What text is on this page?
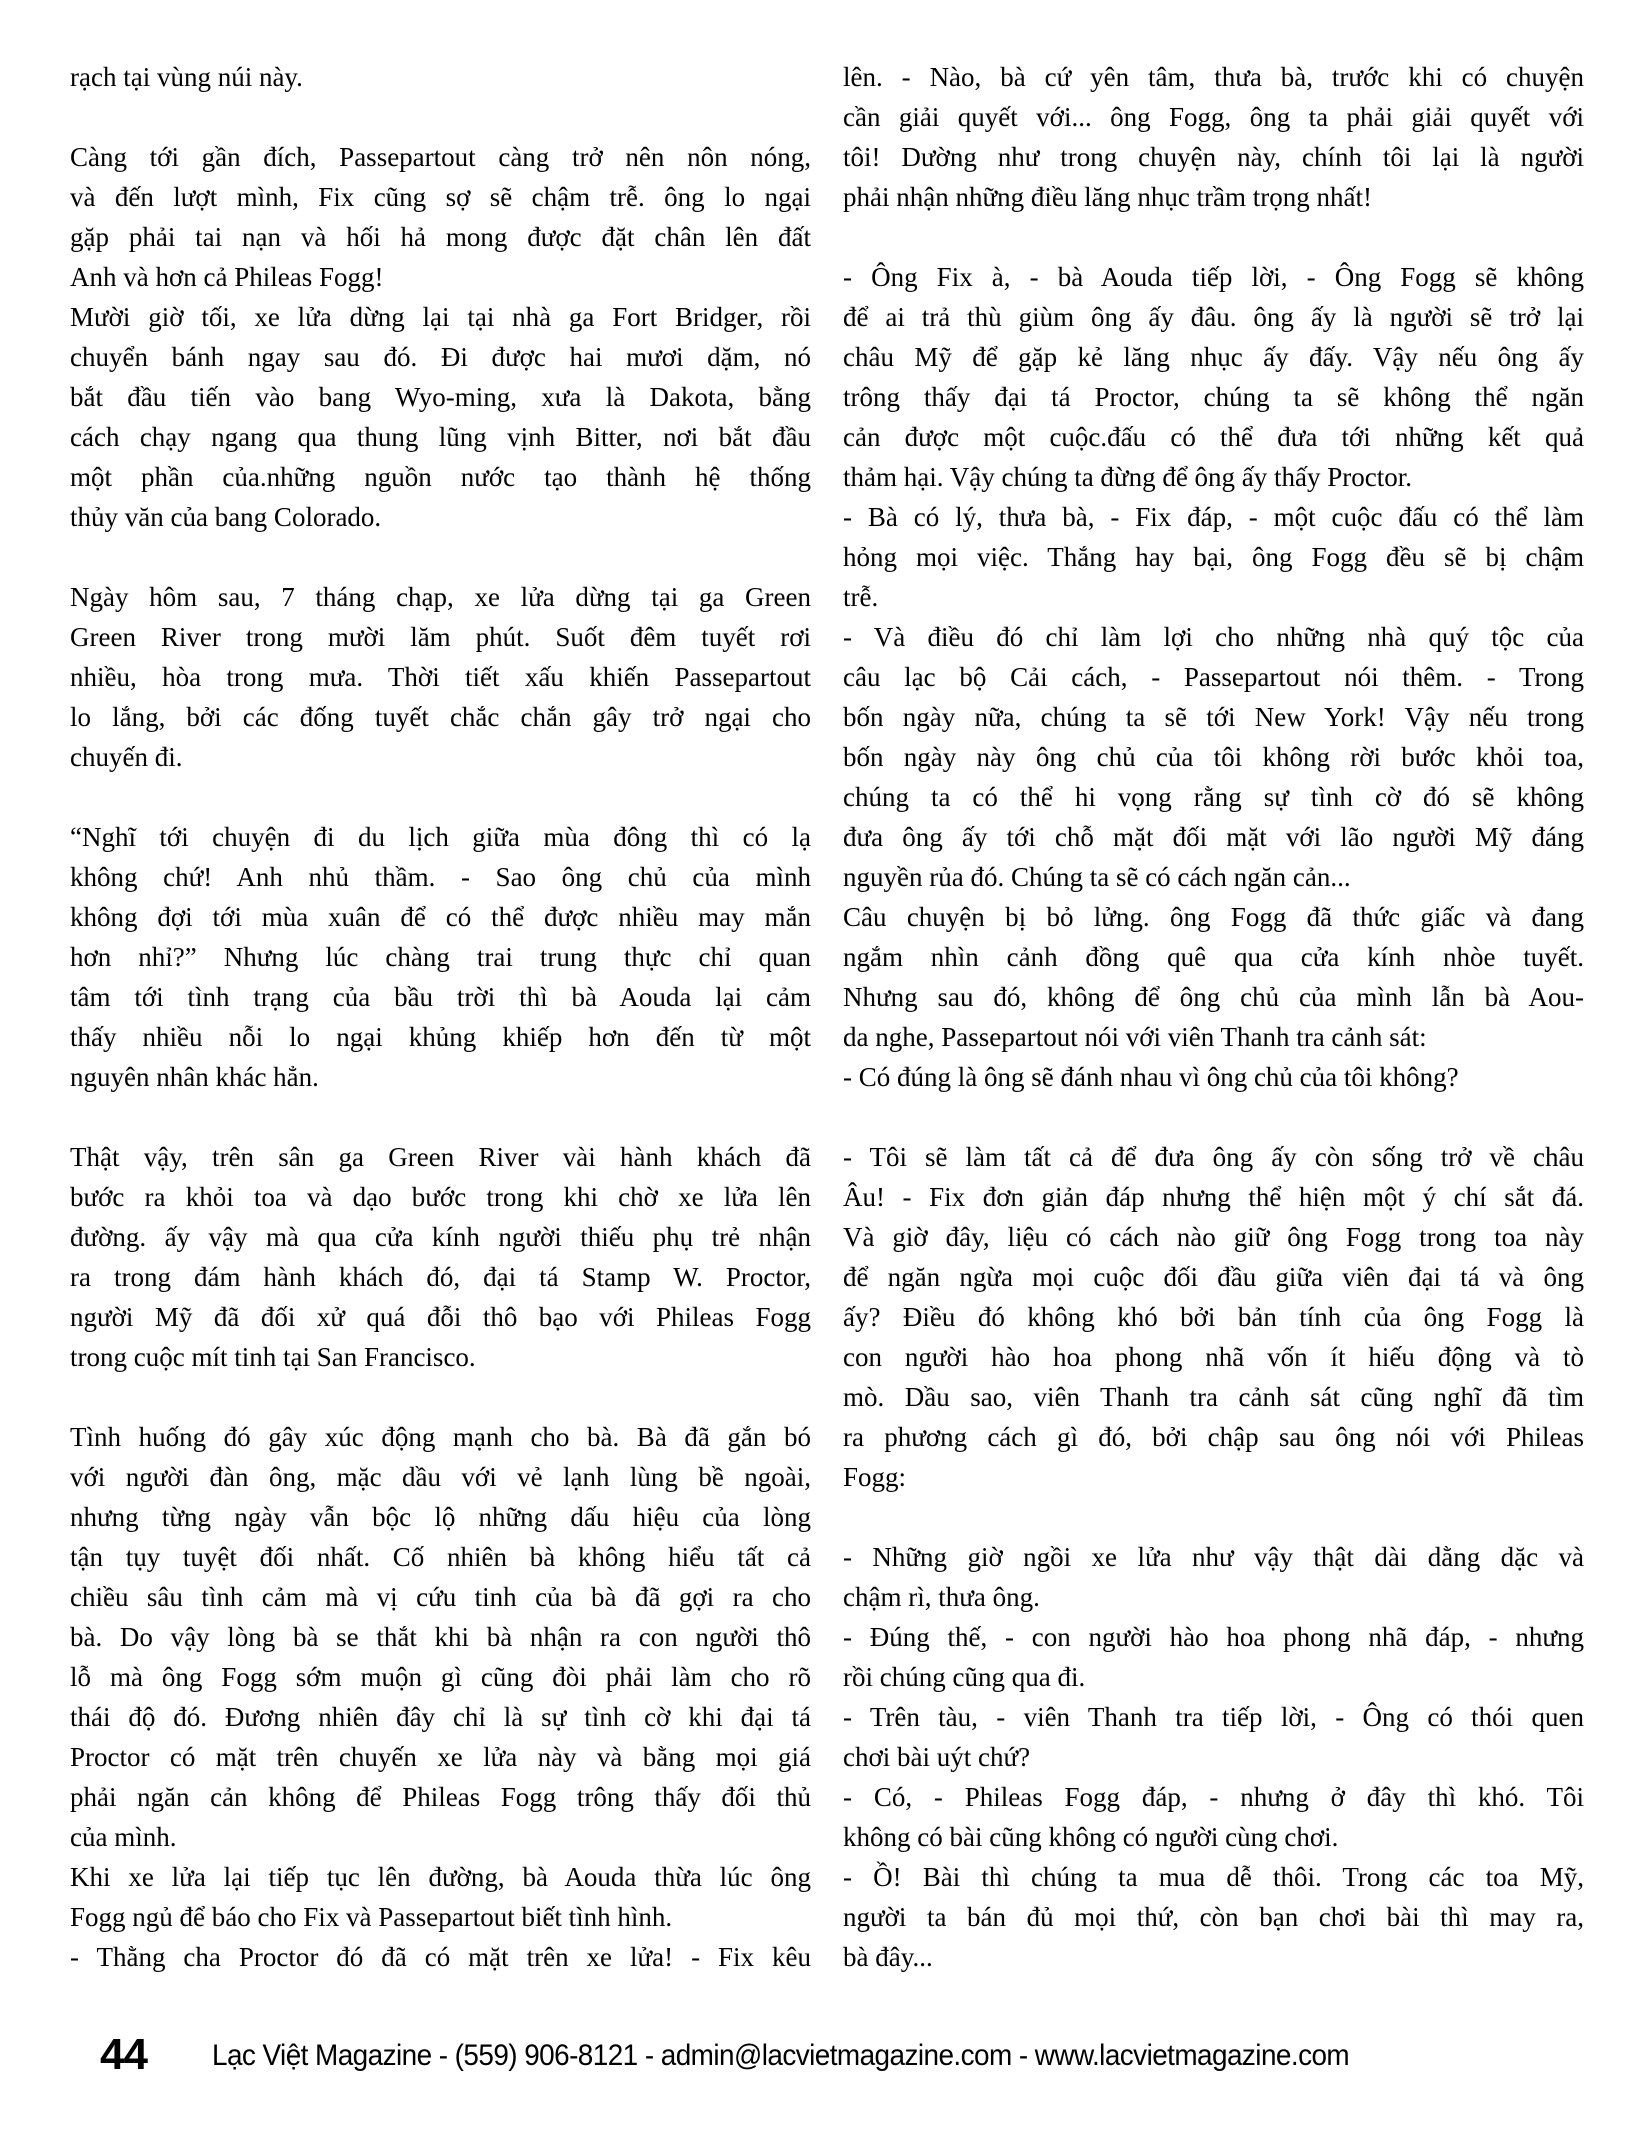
rạch tại vùng núi này.
Càng tới gần đích, Passepartout càng trở nên nôn nóng,
và đến lượt mình, Fix cũng sợ sẽ chậm trễ. ông lo ngại
gặp phải tai nạn và hối hả mong được đặt chân lên đất
Anh và hơn cả Phileas Fogg!
Mười giờ tối, xe lửa dừng lại tại nhà ga Fort Bridger, rồi
chuyển bánh ngay sau đó. Đi được hai mươi dặm, nó
bắt đầu tiến vào bang Wyo-ming, xưa là Dakota, bằng
cách chạy ngang qua thung lũng vịnh Bitter, nơi bắt đầu
một phần của.những nguồn nước tạo thành hệ thống
thủy văn của bang Colorado.
Ngày hôm sau, 7 tháng chạp, xe lửa dừng tại ga Green
Green River trong mười lăm phút. Suốt đêm tuyết rơi
nhiều, hòa trong mưa. Thời tiết xấu khiến Passepartout
lo lắng, bởi các đống tuyết chắc chắn gây trở ngại cho
chuyến đi.
“Nghĩ tới chuyện đi du lịch giữa mùa đông thì có lạ
không chứ! Anh nhủ thầm. - Sao ông chủ của mình
không đợi tới mùa xuân để có thể được nhiều may mắn
hơn nhỉ?” Nhưng lúc chàng trai trung thực chỉ quan
tâm tới tình trạng của bầu trời thì bà Aouda lại cảm
thấy nhiều nỗi lo ngại khủng khiếp hơn đến từ một
nguyên nhân khác hẳn.
Thật vậy, trên sân ga Green River vài hành khách đã
bước ra khỏi toa và dạo bước trong khi chờ xe lửa lên
đường. ấy vậy mà qua cửa kính người thiếu phụ trẻ nhận
ra trong đám hành khách đó, đại tá Stamp W. Proctor,
người Mỹ đã đối xử quá đỗi thô bạo với Phileas Fogg
trong cuộc mít tinh tại San Francisco.
Tình huống đó gây xúc động mạnh cho bà. Bà đã gắn bó
với người đàn ông, mặc dầu với vẻ lạnh lùng bề ngoài,
nhưng từng ngày vẫn bộc lộ những dấu hiệu của lòng
tận tụy tuyệt đối nhất. Cố nhiên bà không hiểu tất cả
chiều sâu tình cảm mà vị cứu tinh của bà đã gợi ra cho
bà. Do vậy lòng bà se thắt khi bà nhận ra con người thô
lỗ mà ông Fogg sớm muộn gì cũng đòi phải làm cho rõ
thái độ đó. Đương nhiên đây chỉ là sự tình cờ khi đại tá
Proctor có mặt trên chuyến xe lửa này và bằng mọi giá
phải ngăn cản không để Phileas Fogg trông thấy đối thủ
của mình.
Khi xe lửa lại tiếp tục lên đường, bà Aouda thừa lúc ông
Fogg ngủ để báo cho Fix và Passepartout biết tình hình.
- Thằng cha Proctor đó đã có mặt trên xe lửa! - Fix kêu
lên. - Nào, bà cứ yên tâm, thưa bà, trước khi có chuyện
cần giải quyết với... ông Fogg, ông ta phải giải quyết với
tôi! Dường như trong chuyện này, chính tôi lại là người
phải nhận những điều lăng nhục trầm trọng nhất!
- Ông Fix à, - bà Aouda tiếp lời, - Ông Fogg sẽ không
để ai trả thù giùm ông ấy đâu. ông ấy là người sẽ trở lại
châu Mỹ để gặp kẻ lăng nhục ấy đấy. Vậy nếu ông ấy
trông thấy đại tá Proctor, chúng ta sẽ không thể ngăn
cản được một cuộc.đấu có thể đưa tới những kết quả
thảm hại. Vậy chúng ta đừng để ông ấy thấy Proctor.
- Bà có lý, thưa bà, - Fix đáp, - một cuộc đấu có thể làm
hỏng mọi việc. Thắng hay bại, ông Fogg đều sẽ bị chậm
trễ.
- Và điều đó chỉ làm lợi cho những nhà quý tộc của
câu lạc bộ Cải cách, - Passepartout nói thêm. - Trong
bốn ngày nữa, chúng ta sẽ tới New York! Vậy nếu trong
bốn ngày này ông chủ của tôi không rời bước khỏi toa,
chúng ta có thể hi vọng rằng sự tình cờ đó sẽ không
đưa ông ấy tới chỗ mặt đối mặt với lão người Mỹ đáng
nguyền rủa đó. Chúng ta sẽ có cách ngăn cản...
Câu chuyện bị bỏ lửng. ông Fogg đã thức giấc và đang
ngắm nhìn cảnh đồng quê qua cửa kính nhòe tuyết.
Nhưng sau đó, không để ông chủ của mình lẫn bà Aou-
da nghe, Passepartout nói với viên Thanh tra cảnh sát:
- Có đúng là ông sẽ đánh nhau vì ông chủ của tôi không?
- Tôi sẽ làm tất cả để đưa ông ấy còn sống trở về châu
Âu! - Fix đơn giản đáp nhưng thể hiện một ý chí sắt đá.
Và giờ đây, liệu có cách nào giữ ông Fogg trong toa này
để ngăn ngừa mọi cuộc đối đầu giữa viên đại tá và ông
ấy? Điều đó không khó bởi bản tính của ông Fogg là
con người hào hoa phong nhã vốn ít hiếu động và tò
mò. Dầu sao, viên Thanh tra cảnh sát cũng nghĩ đã tìm
ra phương cách gì đó, bởi chập sau ông nói với Phileas
Fogg:
- Những giờ ngồi xe lửa như vậy thật dài dằng dặc và
chậm rì, thưa ông.
- Đúng thế, - con người hào hoa phong nhã đáp, - nhưng
rồi chúng cũng qua đi.
- Trên tàu, - viên Thanh tra tiếp lời, - Ông có thói quen
chơi bài uýt chứ?
- Có, - Phileas Fogg đáp, - nhưng ở đây thì khó. Tôi
không có bài cũng không có người cùng chơi.
- Ồ! Bài thì chúng ta mua dễ thôi. Trong các toa Mỹ,
người ta bán đủ mọi thứ, còn bạn chơi bài thì may ra,
bà đây...
44 Lạc Việt Magazine - (559) 906-8121 - admin@lacvietmagazine.com - www.lacvietmagazine.com
